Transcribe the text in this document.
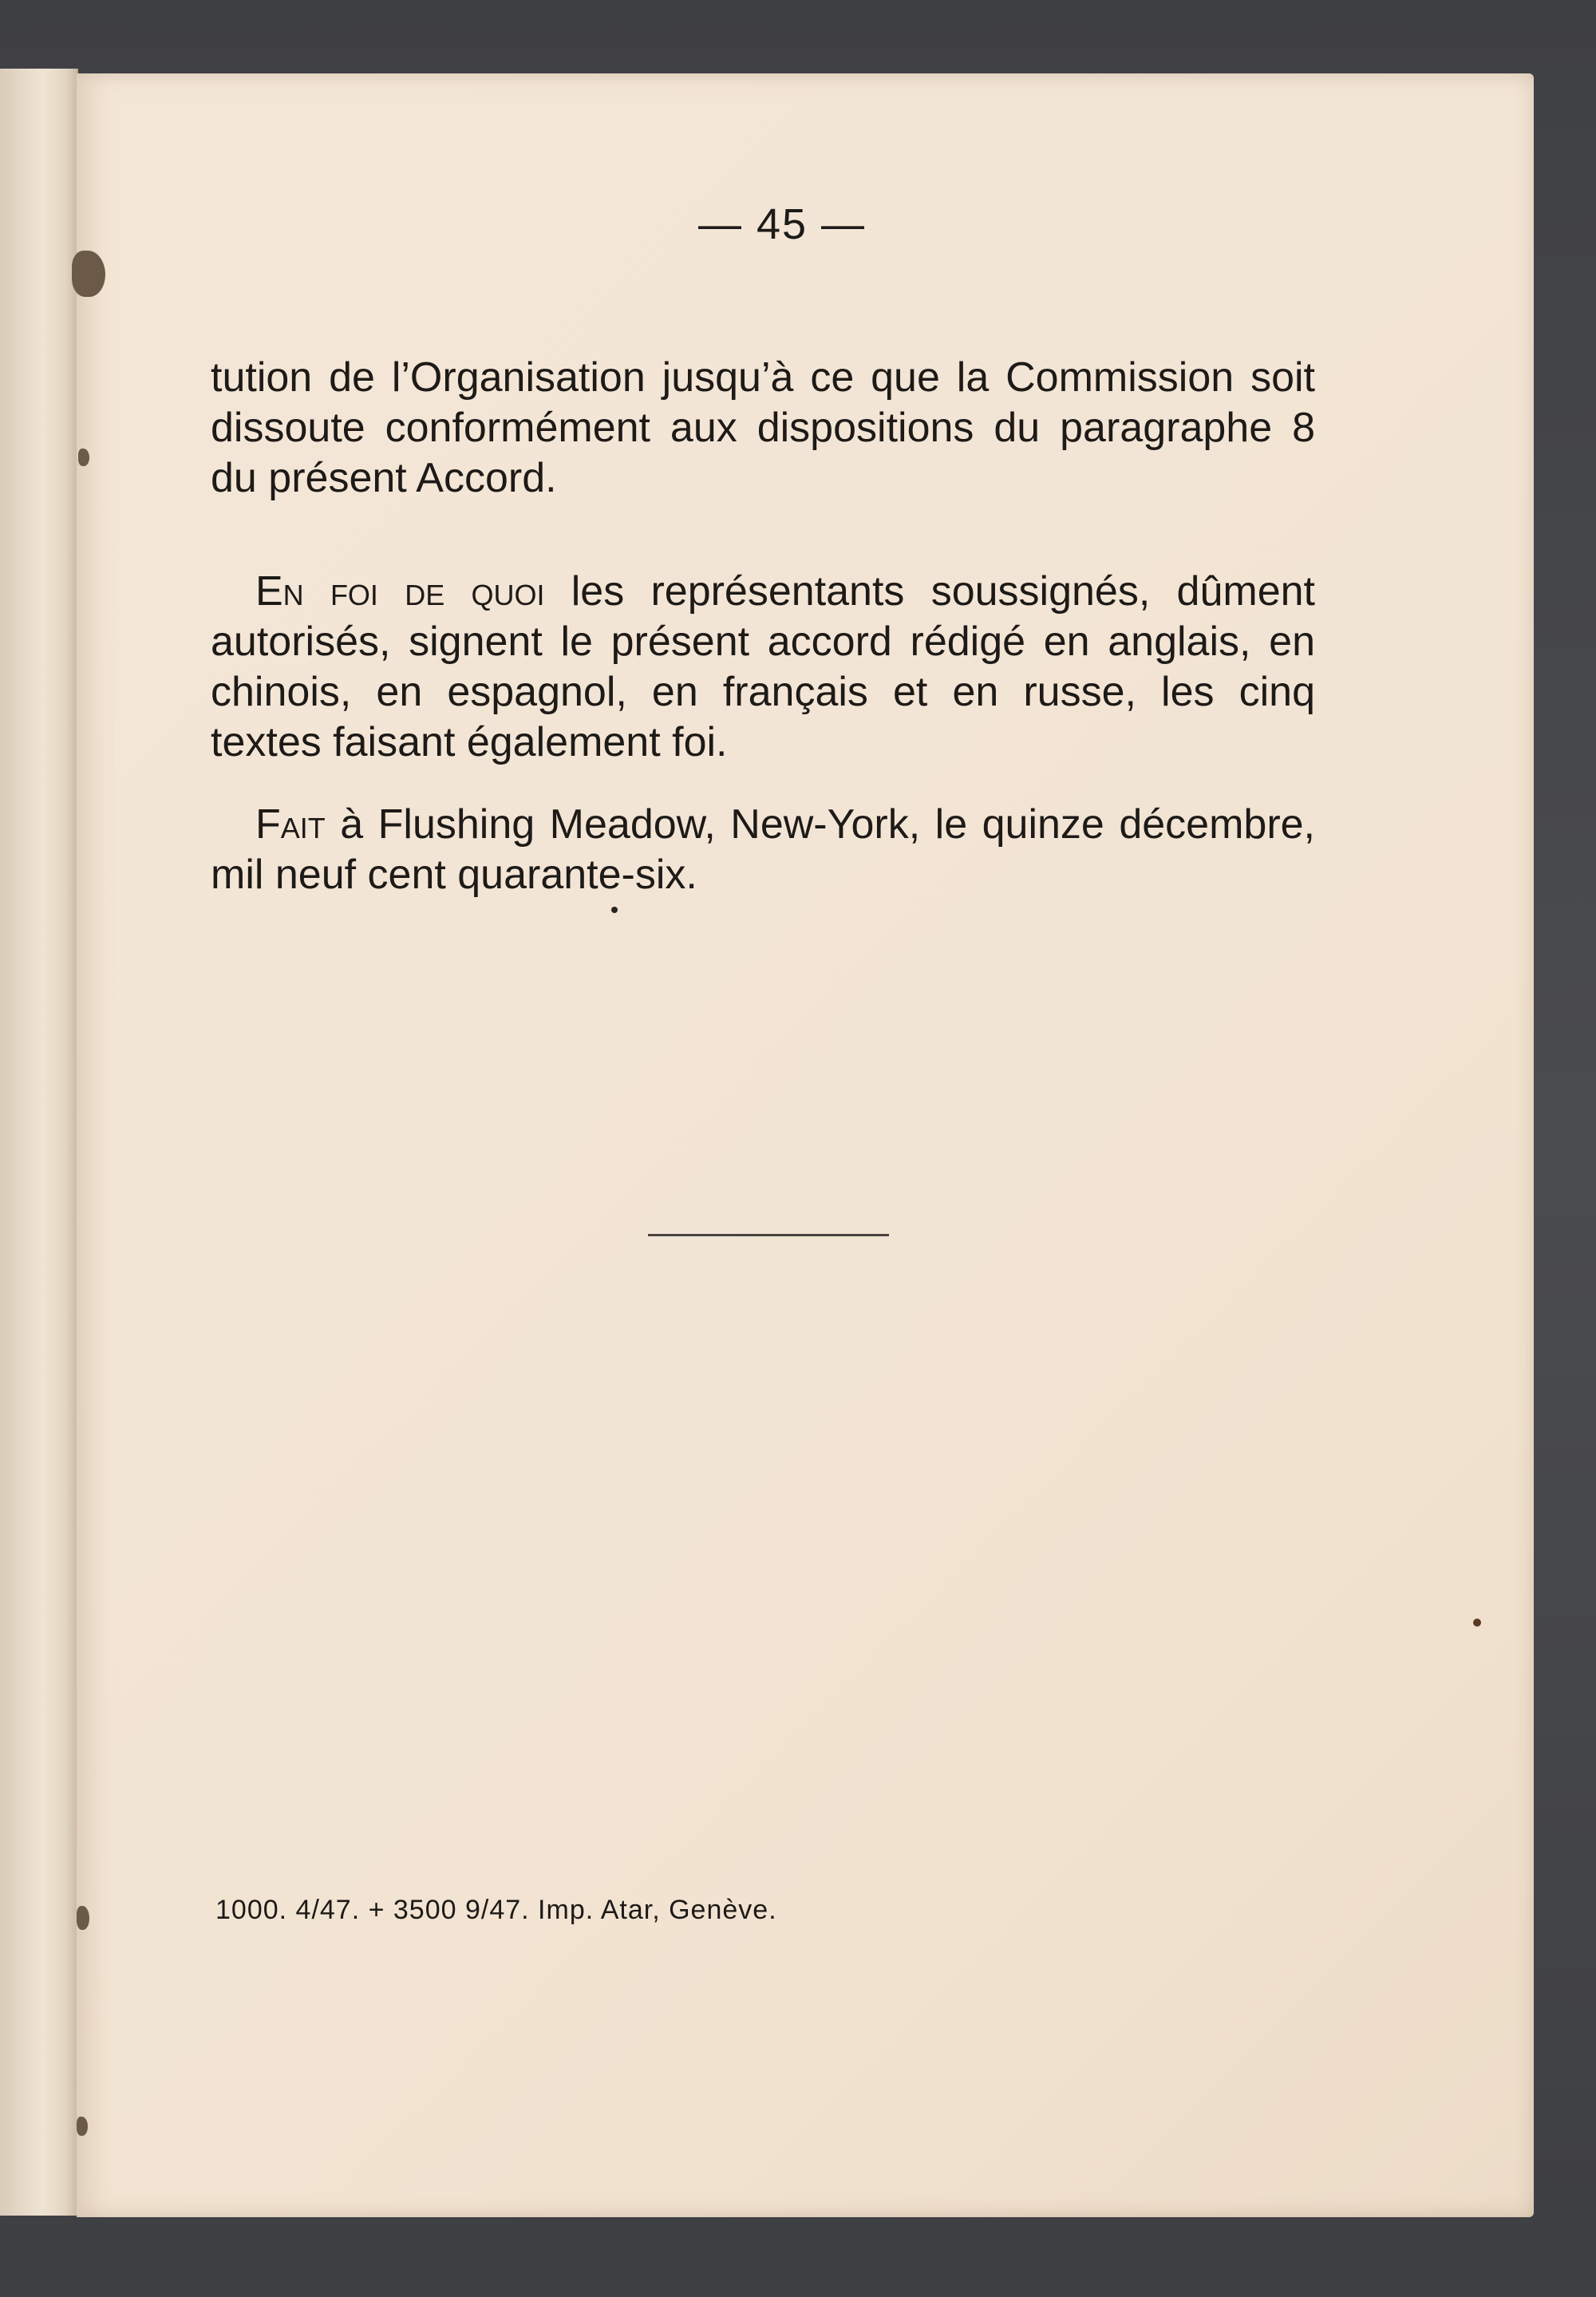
— 45 —

tution de l’Organisation jusqu’à ce que la Commission soit dissoute conformément aux dispositions du paragraphe 8 du présent Accord.

En foi de quoi les représentants soussignés, dûment autorisés, signent le présent accord rédigé en anglais, en chinois, en espagnol, en français et en russe, les cinq textes faisant également foi.

Fait à Flushing Meadow, New-York, le quinze décembre, mil neuf cent quarante-six.

1000. 4/47. + 3500 9/47. Imp. Atar, Genève.
